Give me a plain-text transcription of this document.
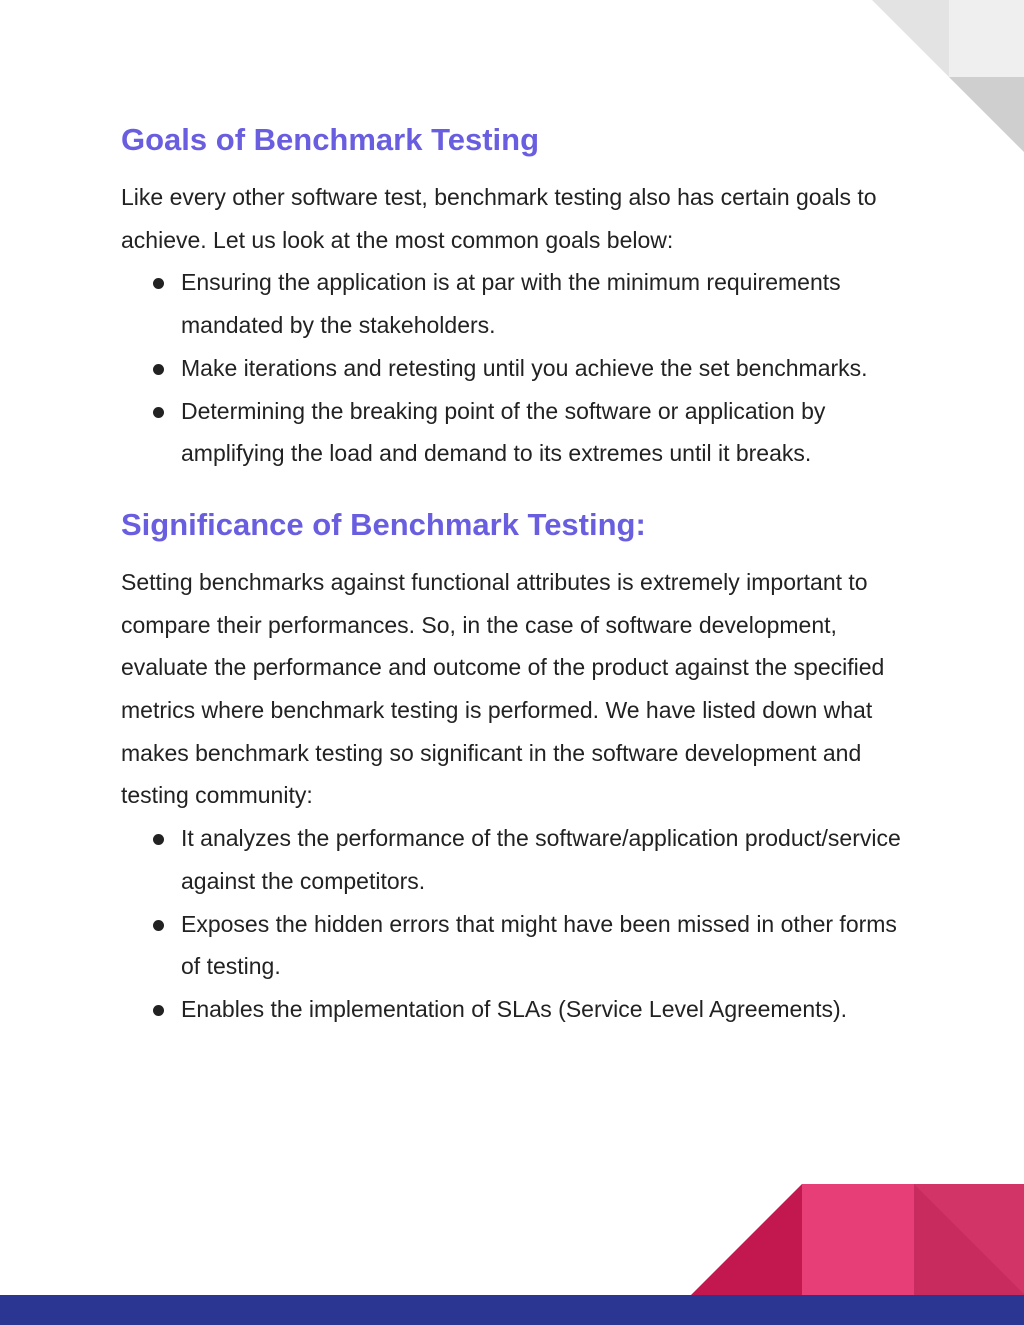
Goals of Benchmark Testing

Like every other software test, benchmark testing also has certain goals to achieve. Let us look at the most common goals below:

Ensuring the application is at par with the minimum requirements mandated by the stakeholders.
Make iterations and retesting until you achieve the set benchmarks.
Determining the breaking point of the software or application by amplifying the load and demand to its extremes until it breaks.
Significance of Benchmark Testing:

Setting benchmarks against functional attributes is extremely important to compare their performances. So, in the case of software development, evaluate the performance and outcome of the product against the specified metrics where benchmark testing is performed. We have listed down what makes benchmark testing so significant in the software development and testing community:

It analyzes the performance of the software/application product/service against the competitors.
Exposes the hidden errors that might have been missed in other forms of testing.
Enables the implementation of SLAs (Service Level Agreements).
